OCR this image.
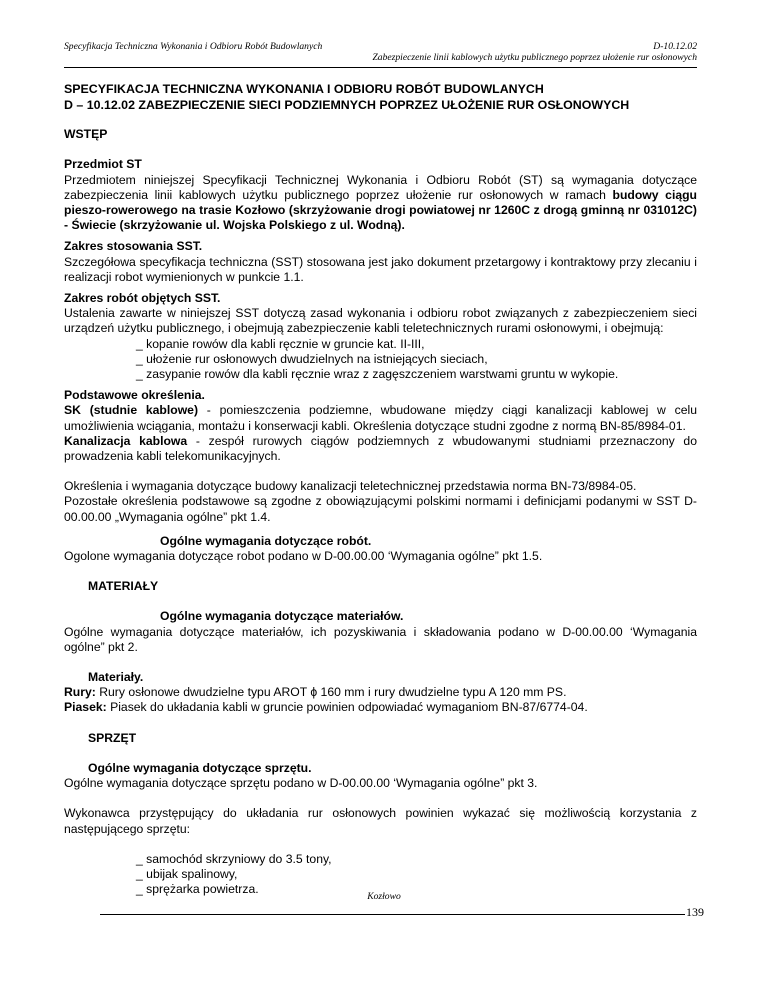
Specyfikacja Techniczna Wykonania i Odbioru Robót Budowlanych	D-10.12.02
Zabezpieczenie linii kablowych użytku publicznego poprzez ułożenie rur osłonowych
SPECYFIKACJA TECHNICZNA WYKONANIA I ODBIORU ROBÓT BUDOWLANYCH
D – 10.12.02 ZABEZPIECZENIE SIECI PODZIEMNYCH POPRZEZ UŁOŻENIE RUR OSŁONOWYCH
WSTĘP
Przedmiot ST

Przedmiotem niniejszej Specyfikacji Technicznej Wykonania i Odbioru Robót (ST) są wymagania dotyczące zabezpieczenia linii kablowych użytku publicznego poprzez ułożenie rur osłonowych w ramach budowy ciągu pieszo-rowerowego na trasie Kozłowo (skrzyżowanie drogi powiatowej nr 1260C z drogą gminną nr 031012C) - Świecie (skrzyżowanie ul. Wojska Polskiego z ul. Wodną).

Zakres stosowania SST.

Szczegółowa specyfikacja techniczna (SST) stosowana jest jako dokument przetargowy i kontraktowy przy zlecaniu i realizacji robot wymienionych w punkcie 1.1.

Zakres robót objętych SST.

Ustalenia zawarte w niniejszej SST dotyczą zasad wykonania i odbioru robot związanych z zabezpieczeniem sieci urządzeń użytku publicznego, i obejmują zabezpieczenie kabli teletechnicznych rurami osłonowymi, i obejmują:

_ kopanie rowów dla kabli ręcznie w gruncie kat. II-III,
_ ułożenie rur osłonowych dwudzielnych na istniejących sieciach,
_ zasypanie rowów dla kabli ręcznie wraz z zagęszczeniem warstwami gruntu w wykopie.
Podstawowe określenia.

SK (studnie kablowe) - pomieszczenia podziemne, wbudowane między ciągi kanalizacji kablowej w celu umożliwienia wciągania, montażu i konserwacji kabli. Określenia dotyczące studni zgodne z normą BN-85/8984-01.

Kanalizacja kablowa - zespół rurowych ciągów podziemnych z wbudowanymi studniami przeznaczony do prowadzenia kabli telekomunikacyjnych.

Określenia i wymagania dotyczące budowy kanalizacji teletechnicznej przedstawia norma BN-73/8984-05.

Pozostałe określenia podstawowe są zgodne z obowiązującymi polskimi normami i definicjami podanymi w SST D-00.00.00 „Wymagania ogólne” pkt 1.4.

Ogólne wymagania dotyczące robót.

Ogolone wymagania dotyczące robot podano w D-00.00.00 ‘Wymagania ogólne” pkt 1.5.

MATERIAŁY
Ogólne wymagania dotyczące materiałów.

Ogólne wymagania dotyczące materiałów, ich pozyskiwania i składowania podano w D-00.00.00 ‘Wymagania ogólne” pkt 2.

Materiały.

Rury: Rury osłonowe dwudzielne typu AROT ϕ 160 mm i rury dwudzielne typu A 120 mm PS.

Piasek: Piasek do układania kabli w gruncie powinien odpowiadać wymaganiom BN-87/6774-04.

SPRZĘT
Ogólne wymagania dotyczące sprzętu.

Ogólne wymagania dotyczące sprzętu podano w D-00.00.00 ‘Wymagania ogólne” pkt 3.

Wykonawca przystępujący do układania rur osłonowych powinien wykazać się możliwością korzystania z następującego sprzętu:

_ samochód skrzyniowy do 3.5 tony,
_ ubijak spalinowy,
_ sprężarka powietrza.
Kozłowo
139
